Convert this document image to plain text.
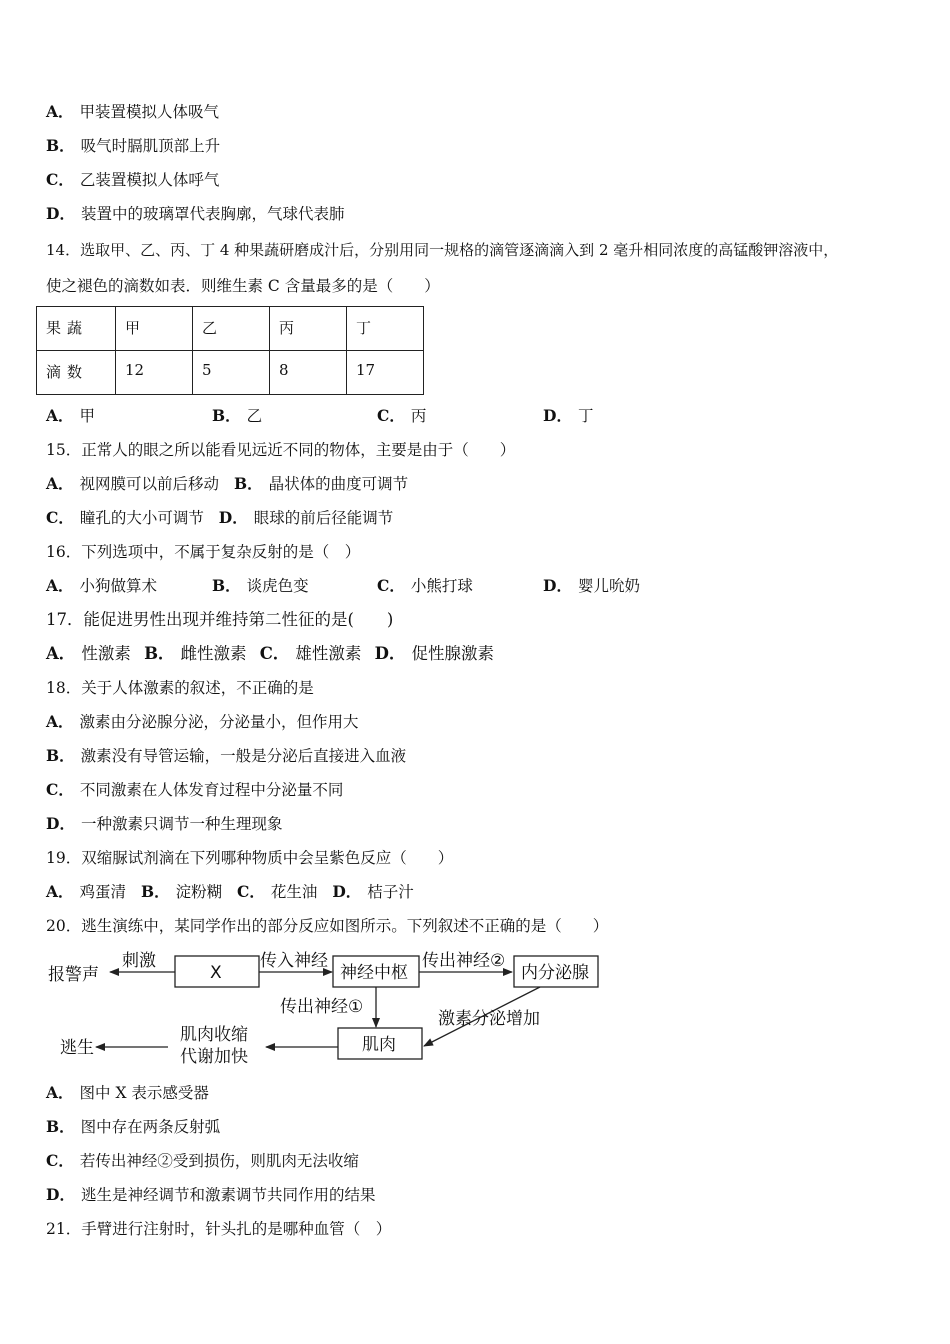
A． 甲装置模拟人体吸气
B． 吸气时膈肌顶部上升
C． 乙装置模拟人体呼气
D． 装置中的玻璃罩代表胸廓，气球代表肺
14．选取甲、乙、丙、丁 4 种果蔬研磨成汁后，分别用同一规格的滴管逐滴滴入到 2 毫升相同浓度的高锰酸钾溶液中，
使之褪色的滴数如表．则维生素 C 含量最多的是（　　）
果蔬	甲	乙	丙	丁
滴数	12	5	8	17
A． 甲	B． 乙	C． 丙	D． 丁
15．正常人的眼之所以能看见远近不同的物体，主要是由于（　　）
A． 视网膜可以前后移动 B． 晶状体的曲度可调节
C． 瞳孔的大小可调节 D． 眼球的前后径能调节
16．下列选项中，不属于复杂反射的是（　）
A． 小狗做算术	B． 谈虎色变	C． 小熊打球	D． 婴儿吮奶
17．能促进男性出现并维持第二性征的是(　　)
A． 性激素 B． 雌性激素 C． 雄性激素 D． 促性腺激素
18．关于人体激素的叙述，不正确的是
A． 激素由分泌腺分泌，分泌量小，但作用大
B． 激素没有导管运输，一般是分泌后直接进入血液
C． 不同激素在人体发育过程中分泌量不同
D． 一种激素只调节一种生理现象
19．双缩脲试剂滴在下列哪种物质中会呈紫色反应（　　）
A． 鸡蛋清 B． 淀粉糊 C． 花生油 D． 桔子汁
20．逃生演练中，某同学作出的部分反应如图所示。下列叙述不正确的是（　　）
报警声
刺激
X
传入神经
神经中枢
传出神经②
内分泌腺
传出神经①
激素分泌增加
肌肉
肌肉收缩
代谢加快
逃生
A． 图中 X 表示感受器
B． 图中存在两条反射弧
C． 若传出神经②受到损伤，则肌肉无法收缩
D． 逃生是神经调节和激素调节共同作用的结果
21．手臂进行注射时，针头扎的是哪种血管（　）
